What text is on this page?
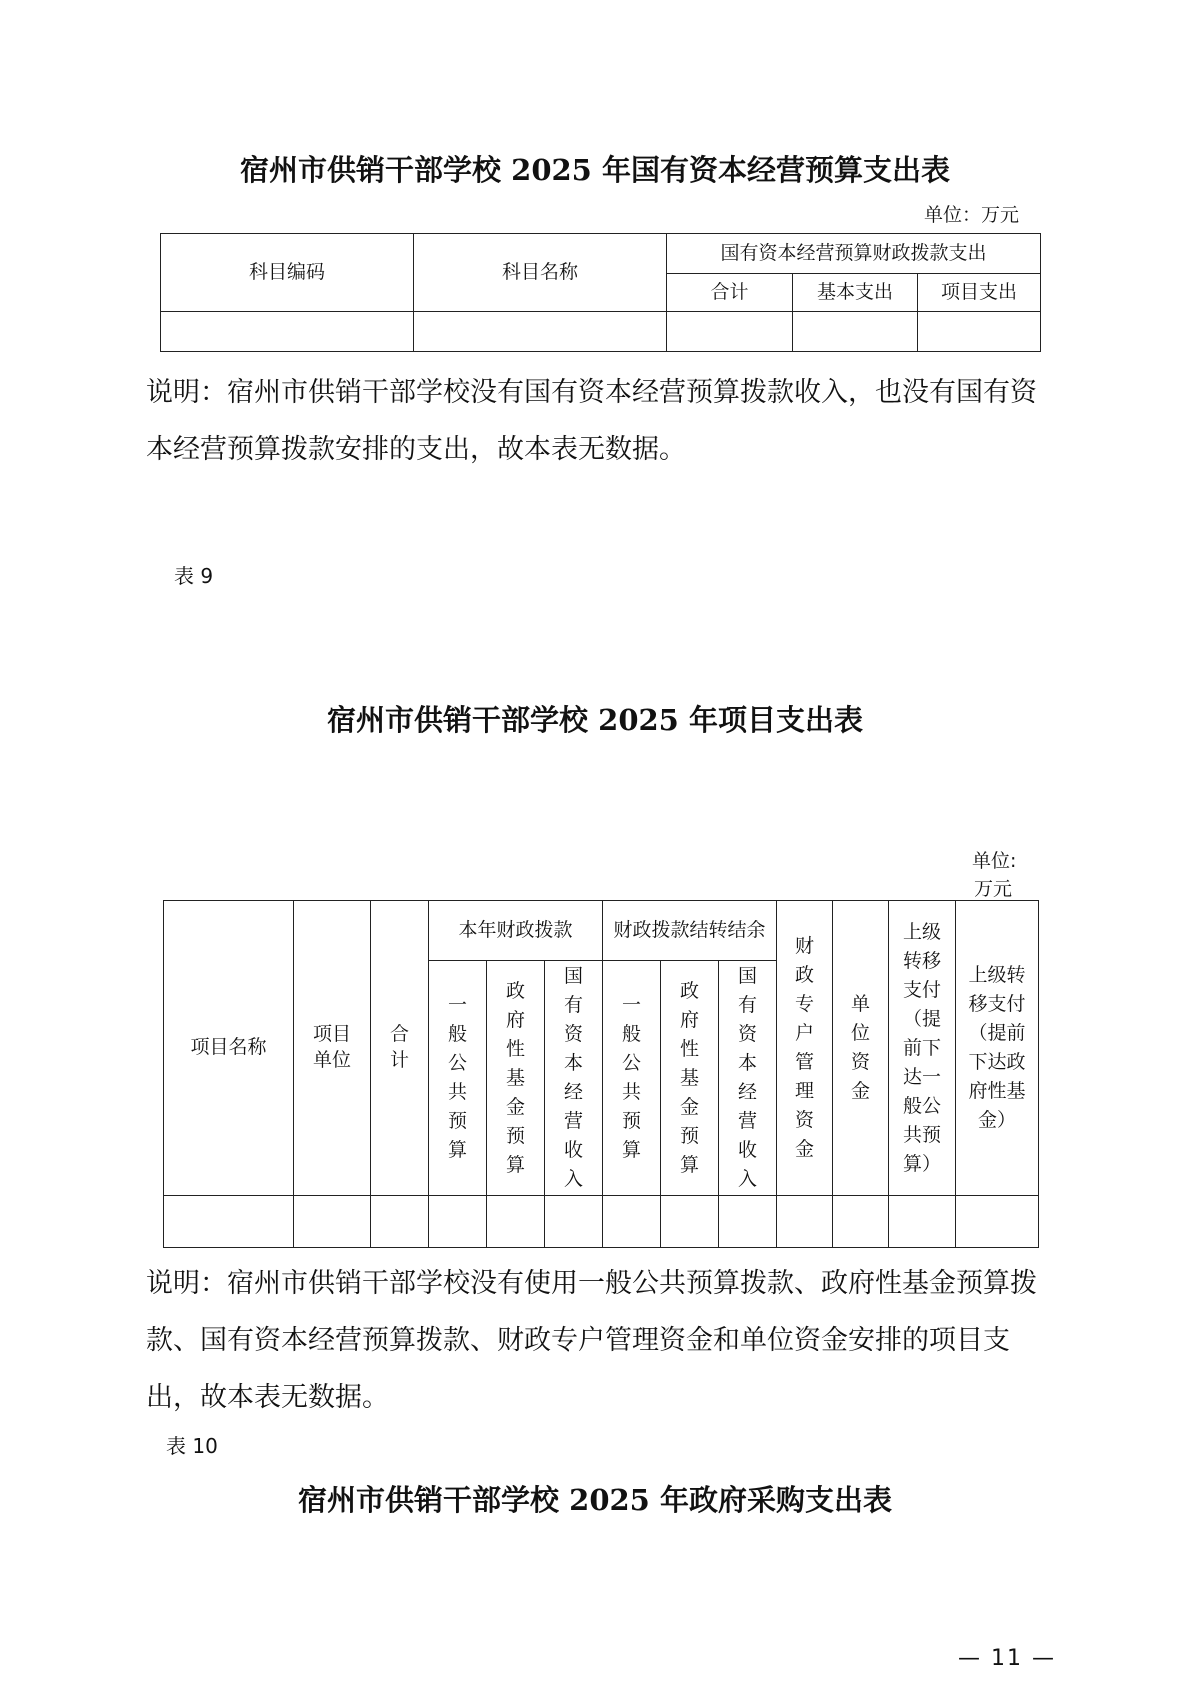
宿州市供销干部学校 2025 年国有资本经营预算支出表
单位：万元
科目编码	科目名称	国有资本经营预算财政拨款支出		
		合计	基本支出	项目支出

说明：宿州市供销干部学校没有国有资本经营预算拨款收入，也没有国有资本经营预算拨款安排的支出，故本表无数据。
表 9
宿州市供销干部学校 2025 年项目支出表
单位:
万元
项目名称	项目单位	合计	本年财政拨款			财政拨款结转结余			财政专户管理资金	单位资金	上级转移支付（提前下达一般公共预算）	上级转移支付（提前下达政府性基金）
			一般公共预算	政府性基金预算	国有资本经营收入	一般公共预算	政府性基金预算	国有资本经营收入				

说明：宿州市供销干部学校没有使用一般公共预算拨款、政府性基金预算拨款、国有资本经营预算拨款、财政专户管理资金和单位资金安排的项目支出，故本表无数据。
表 10
宿州市供销干部学校 2025 年政府采购支出表
— 11 —
